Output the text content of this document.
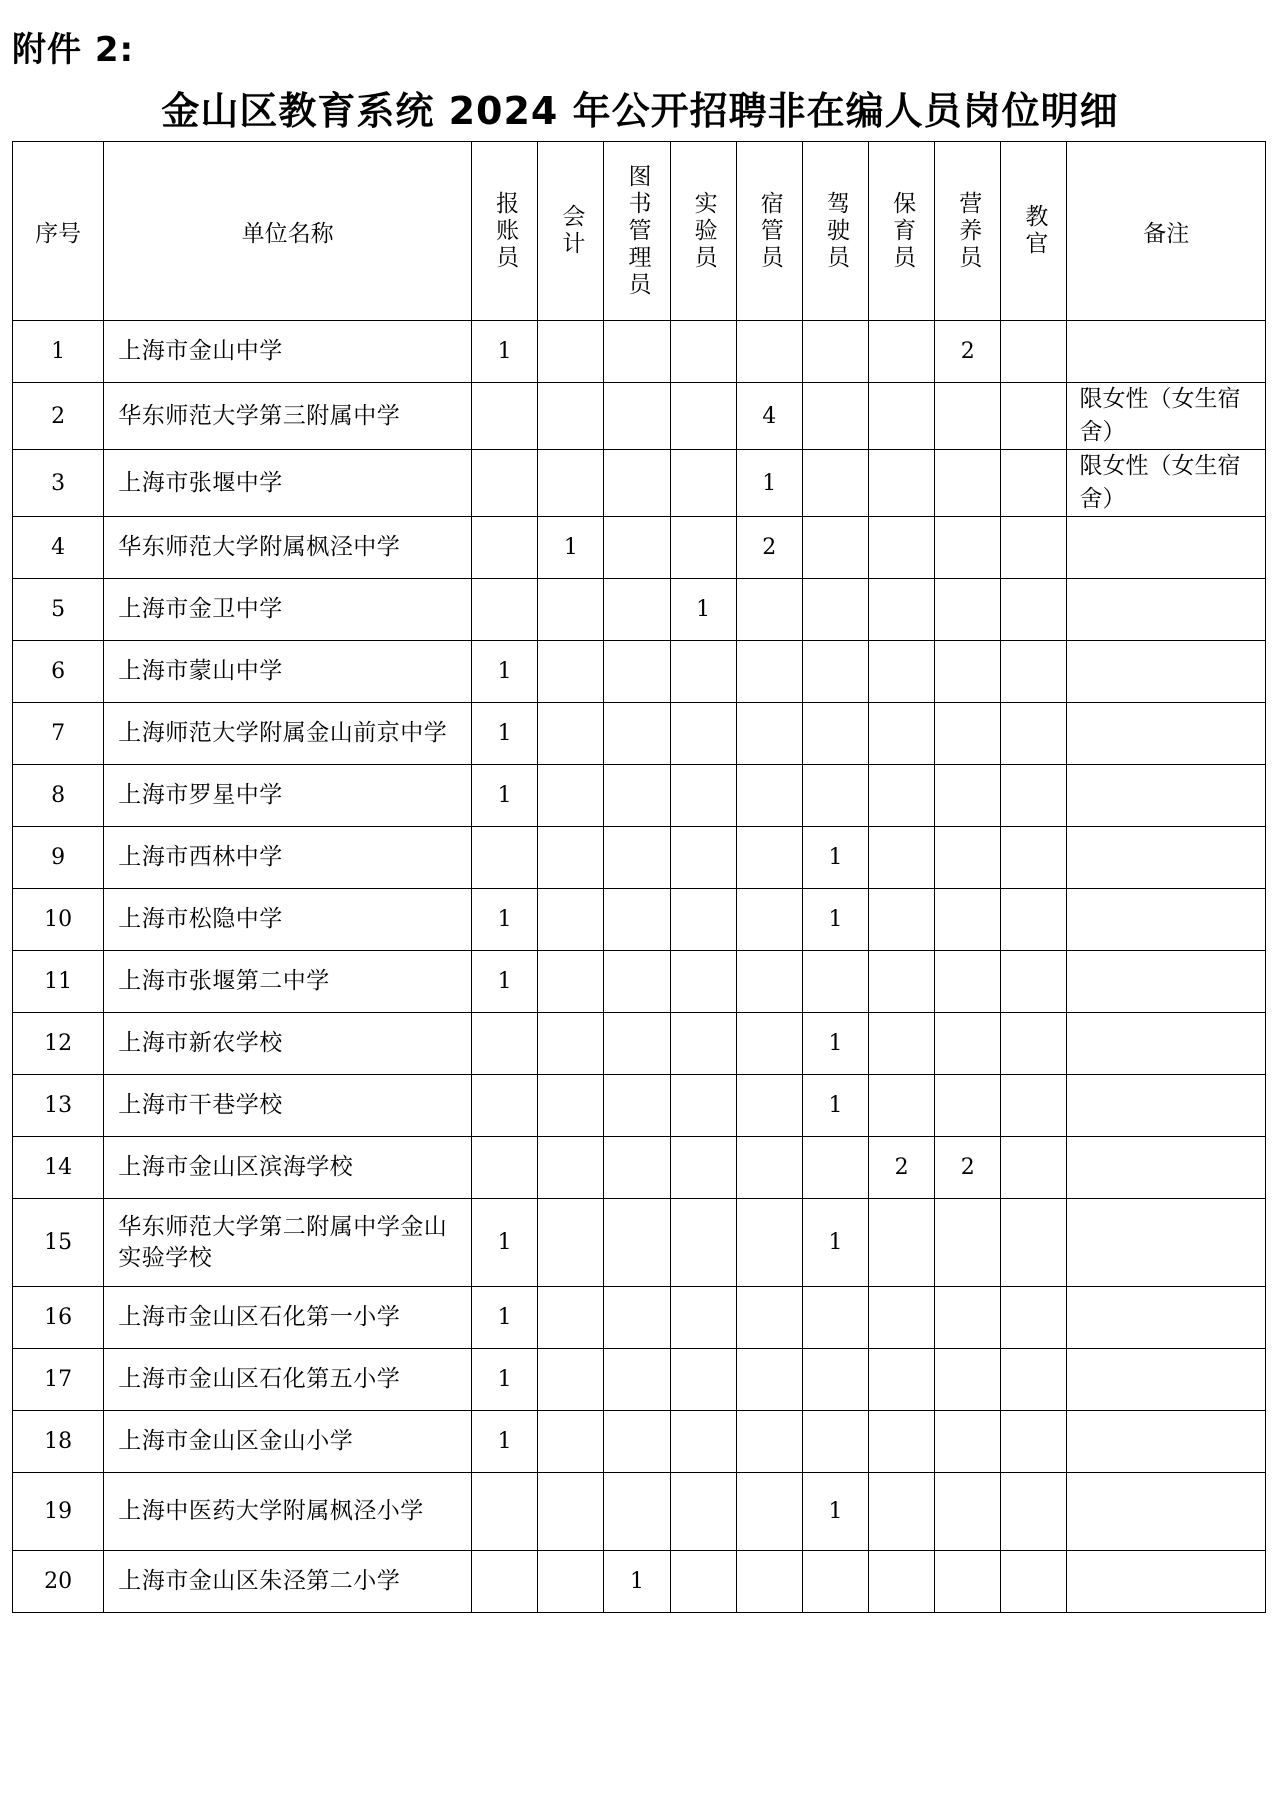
附件 2:
金山区教育系统 2024 年公开招聘非在编人员岗位明细
序号	单位名称	报账员	会计	图书管理员	实验员	宿管员	驾驶员	保育员	营养员	教官	备注
1	上海市金山中学	1							2		
2	华东师范大学第三附属中学					4					限女性（女生宿舍）
3	上海市张堰中学					1					限女性（女生宿舍）
4	华东师范大学附属枫泾中学		1			2					
5	上海市金卫中学				1						
6	上海市蒙山中学	1									
7	上海师范大学附属金山前京中学	1									
8	上海市罗星中学	1									
9	上海市西林中学						1				
10	上海市松隐中学	1					1				
11	上海市张堰第二中学	1									
12	上海市新农学校						1				
13	上海市干巷学校						1				
14	上海市金山区滨海学校							2	2		
15	华东师范大学第二附属中学金山实验学校	1					1				
16	上海市金山区石化第一小学	1									
17	上海市金山区石化第五小学	1									
18	上海市金山区金山小学	1									
19	上海中医药大学附属枫泾小学						1				
20	上海市金山区朱泾第二小学			1							
